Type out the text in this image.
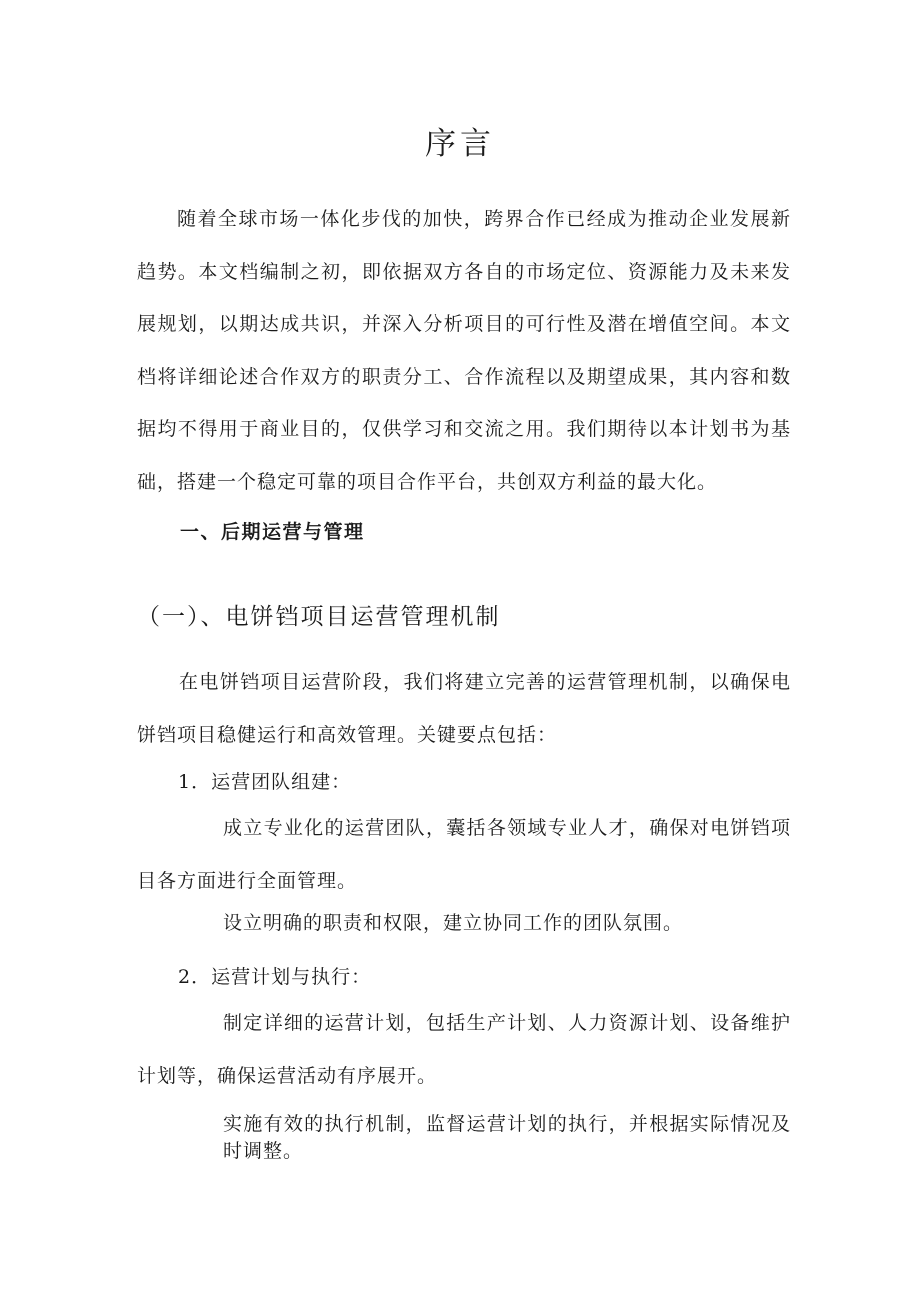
序言

随着全球市场一体化步伐的加快，跨界合作已经成为推动企业发展新趋势。本文档编制之初，即依据双方各自的市场定位、资源能力及未来发展规划，以期达成共识，并深入分析项目的可行性及潜在增值空间。本文档将详细论述合作双方的职责分工、合作流程以及期望成果，其内容和数据均不得用于商业目的，仅供学习和交流之用。我们期待以本计划书为基础，搭建一个稳定可靠的项目合作平台，共创双方利益的最大化。

一、后期运营与管理
（一）、电饼铛项目运营管理机制

在电饼铛项目运营阶段，我们将建立完善的运营管理机制，以确保电饼铛项目稳健运行和高效管理。关键要点包括：

1．运营团队组建：

成立专业化的运营团队，囊括各领域专业人才，确保对电饼铛项目各方面进行全面管理。

设立明确的职责和权限，建立协同工作的团队氛围。

2．运营计划与执行：

制定详细的运营计划，包括生产计划、人力资源计划、设备维护计划等，确保运营活动有序展开。

实施有效的执行机制，监督运营计划的执行，并根据实际情况及时调整。
